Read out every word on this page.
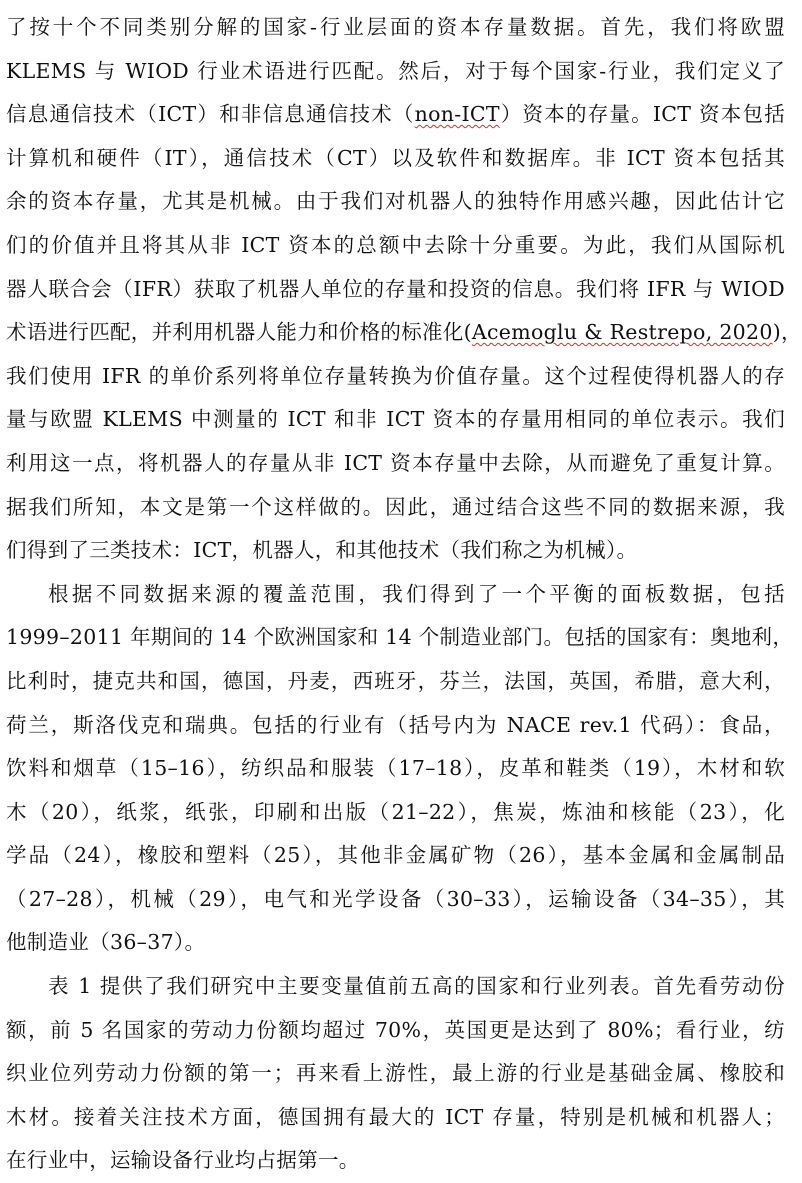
了按十个不同类别分解的国家-行业层面的资本存量数据。首先，我们将欧盟
KLEMS 与 WIOD 行业术语进行匹配。然后，对于每个国家-行业，我们定义了
信息通信技术（ICT）和非信息通信技术（non-ICT）资本的存量。ICT 资本包括
计算机和硬件（IT），通信技术（CT）以及软件和数据库。非 ICT 资本包括其
余的资本存量，尤其是机械。由于我们对机器人的独特作用感兴趣，因此估计它
们的价值并且将其从非 ICT 资本的总额中去除十分重要。为此，我们从国际机
器人联合会（IFR）获取了机器人单位的存量和投资的信息。我们将 IFR 与 WIOD
术语进行匹配，并利用机器人能力和价格的标准化(Acemoglu & Restrepo, 2020)，
我们使用 IFR 的单价系列将单位存量转换为价值存量。这个过程使得机器人的存
量与欧盟 KLEMS 中测量的 ICT 和非 ICT 资本的存量用相同的单位表示。我们
利用这一点，将机器人的存量从非 ICT 资本存量中去除，从而避免了重复计算。
据我们所知，本文是第一个这样做的。因此，通过结合这些不同的数据来源，我
们得到了三类技术：ICT，机器人，和其他技术（我们称之为机械）。
根据不同数据来源的覆盖范围，我们得到了一个平衡的面板数据，包括
1999–2011 年期间的 14 个欧洲国家和 14 个制造业部门。包括的国家有：奥地利，
比利时，捷克共和国，德国，丹麦，西班牙，芬兰，法国，英国，希腊，意大利，
荷兰，斯洛伐克和瑞典。包括的行业有（括号内为 NACE rev.1 代码）：食品，
饮料和烟草（15–16），纺织品和服装（17–18），皮革和鞋类（19），木材和软
木（20），纸浆，纸张，印刷和出版（21–22），焦炭，炼油和核能（23），化
学品（24），橡胶和塑料（25），其他非金属矿物（26），基本金属和金属制品
（27–28），机械（29），电气和光学设备（30–33），运输设备（34–35），其
他制造业（36–37）。
表 1 提供了我们研究中主要变量值前五高的国家和行业列表。首先看劳动份
额，前 5 名国家的劳动力份额均超过 70%，英国更是达到了 80%；看行业，纺
织业位列劳动力份额的第一；再来看上游性，最上游的行业是基础金属、橡胶和
木材。接着关注技术方面，德国拥有最大的 ICT 存量，特别是机械和机器人；
在行业中，运输设备行业均占据第一。
